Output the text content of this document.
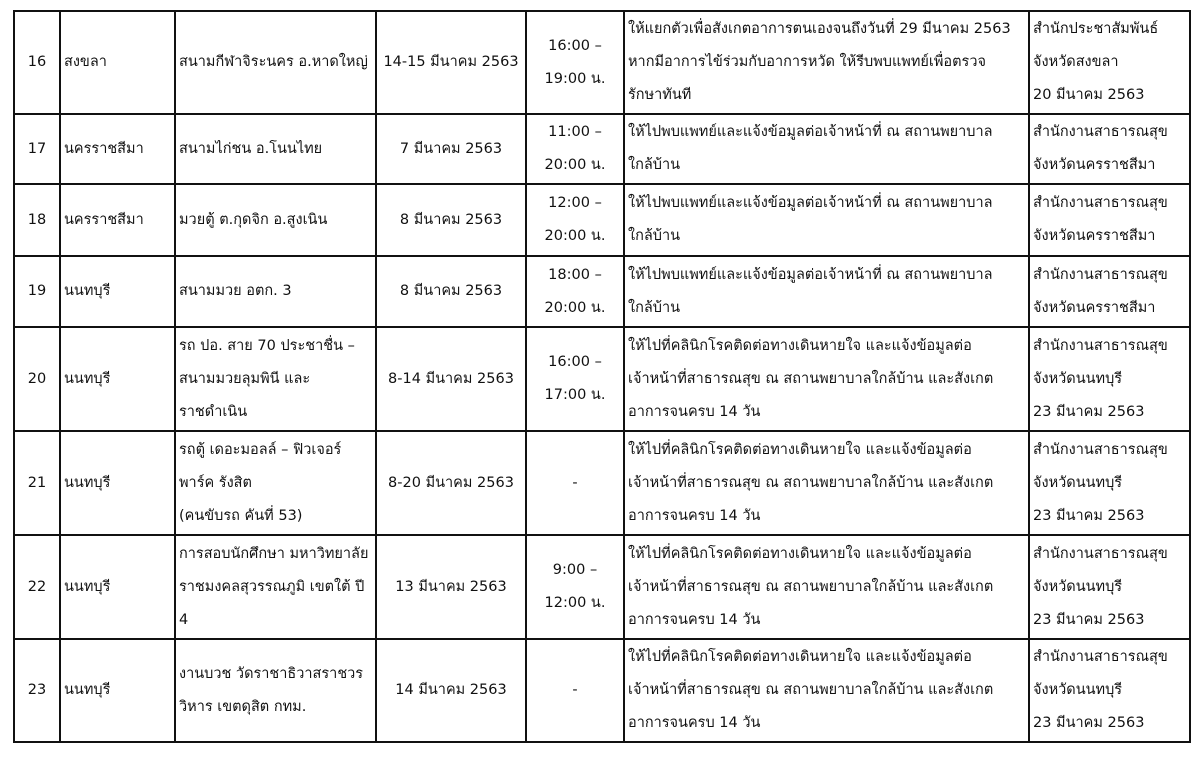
16	สงขลา	สนามกีฬาจิระนคร อ.หาดใหญ่	14-15 มีนาคม 2563	16:00 –
19:00 น.	ให้แยกตัวเพื่อสังเกตอาการตนเองจนถึงวันที่ 29 มีนาคม 2563
หากมีอาการไข้ร่วมกับอาการหวัด ให้รีบพบแพทย์เพื่อตรวจ
รักษาทันที	สำนักประชาสัมพันธ์
จังหวัดสงขลา
20 มีนาคม 2563
17	นครราชสีมา	สนามไก่ชน อ.โนนไทย	7 มีนาคม 2563	11:00 –
20:00 น.	ให้ไปพบแพทย์และแจ้งข้อมูลต่อเจ้าหน้าที่ ณ สถานพยาบาล
ใกล้บ้าน	สำนักงานสาธารณสุข
จังหวัดนครราชสีมา
18	นครราชสีมา	มวยตู้ ต.กุดจิก อ.สูงเนิน	8 มีนาคม 2563	12:00 –
20:00 น.	ให้ไปพบแพทย์และแจ้งข้อมูลต่อเจ้าหน้าที่ ณ สถานพยาบาล
ใกล้บ้าน	สำนักงานสาธารณสุข
จังหวัดนครราชสีมา
19	นนทบุรี	สนามมวย อตก. 3	8 มีนาคม 2563	18:00 –
20:00 น.	ให้ไปพบแพทย์และแจ้งข้อมูลต่อเจ้าหน้าที่ ณ สถานพยาบาล
ใกล้บ้าน	สำนักงานสาธารณสุข
จังหวัดนครราชสีมา
20	นนทบุรี	รถ ปอ. สาย 70 ประชาชื่น –
สนามมวยลุมพินี และราชดำเนิน	8-14 มีนาคม 2563	16:00 –
17:00 น.	ให้ไปที่คลินิกโรคติดต่อทางเดินหายใจ และแจ้งข้อมูลต่อ
เจ้าหน้าที่สาธารณสุข ณ สถานพยาบาลใกล้บ้าน และสังเกต
อาการจนครบ 14 วัน	สำนักงานสาธารณสุข
จังหวัดนนทบุรี
23 มีนาคม 2563
21	นนทบุรี	รถตู้ เดอะมอลล์ – ฟิวเจอร์
พาร์ค รังสิต
(คนขับรถ คันที่ 53)	8-20 มีนาคม 2563	-	ให้ไปที่คลินิกโรคติดต่อทางเดินหายใจ และแจ้งข้อมูลต่อ
เจ้าหน้าที่สาธารณสุข ณ สถานพยาบาลใกล้บ้าน และสังเกต
อาการจนครบ 14 วัน	สำนักงานสาธารณสุข
จังหวัดนนทบุรี
23 มีนาคม 2563
22	นนทบุรี	การสอบนักศึกษา มหาวิทยาลัย
ราชมงคลสุวรรณภูมิ เขตใต้ ปี 4	13 มีนาคม 2563	9:00 –
12:00 น.	ให้ไปที่คลินิกโรคติดต่อทางเดินหายใจ และแจ้งข้อมูลต่อ
เจ้าหน้าที่สาธารณสุข ณ สถานพยาบาลใกล้บ้าน และสังเกต
อาการจนครบ 14 วัน	สำนักงานสาธารณสุข
จังหวัดนนทบุรี
23 มีนาคม 2563
23	นนทบุรี	งานบวช วัดราชาธิวาสราชวร
วิหาร เขตดุสิต กทม.	14 มีนาคม 2563	-	ให้ไปที่คลินิกโรคติดต่อทางเดินหายใจ และแจ้งข้อมูลต่อ
เจ้าหน้าที่สาธารณสุข ณ สถานพยาบาลใกล้บ้าน และสังเกต
อาการจนครบ 14 วัน	สำนักงานสาธารณสุข
จังหวัดนนทบุรี
23 มีนาคม 2563
